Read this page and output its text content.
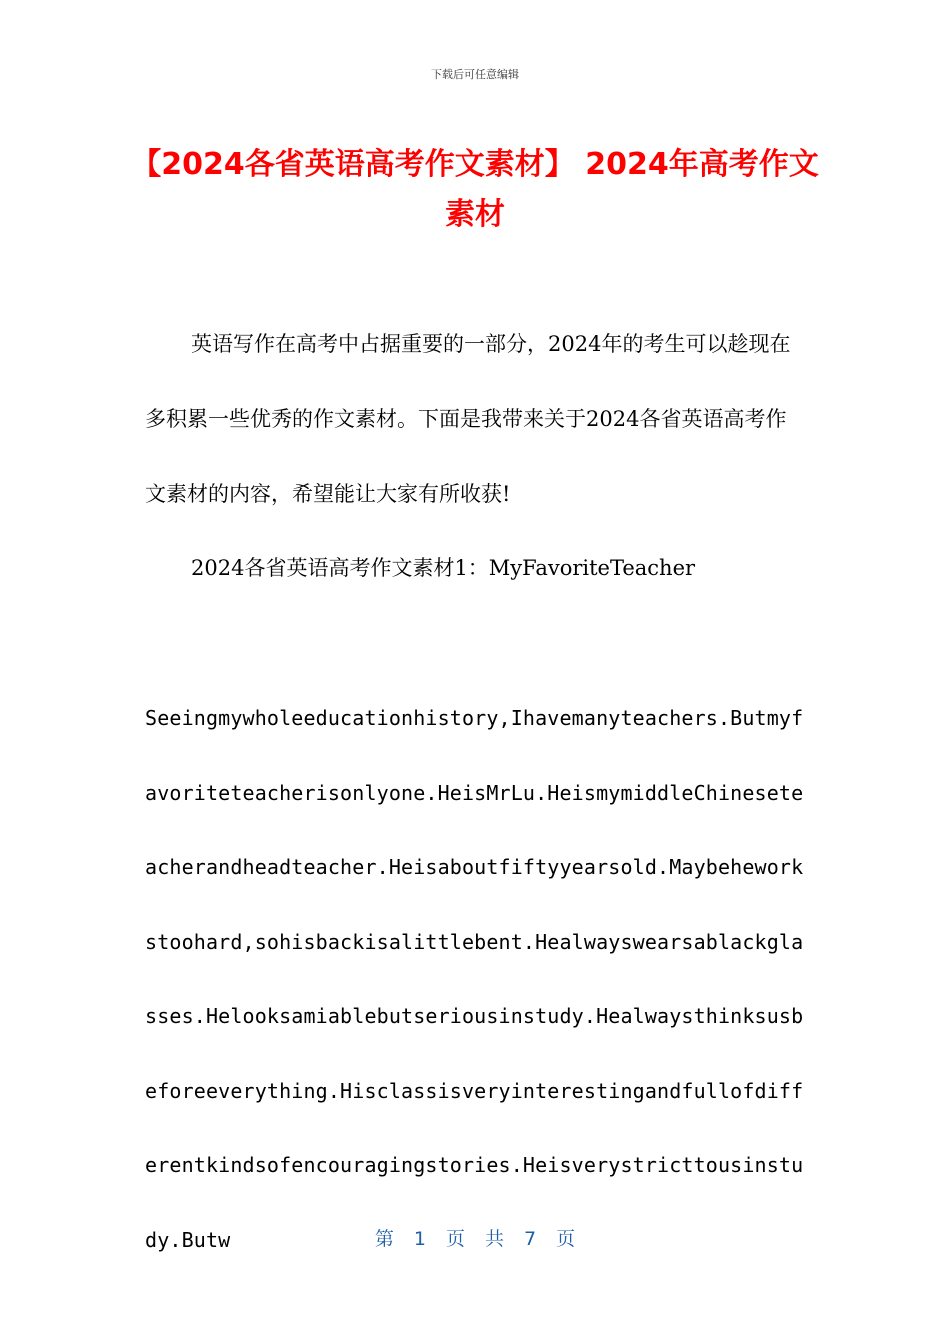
下载后可任意编辑
【2024各省英语高考作文素材】 2024年高考作文素材

英语写作在高考中占据重要的一部分，2024年的考生可以趁现在多积累一些优秀的作文素材。下面是我带来关于2024各省英语高考作文素材的内容，希望能让大家有所收获!

2024各省英语高考作文素材1：MyFavoriteTeacher

Seeingmywholeeducationhistory,Ihavemanyteachers.Butmyfavoriteteacherisonlyone.HeisMrLu.HeismymiddleChineseteacherandheadteacher.Heisaboutfiftyyearsold.Maybeheworkstoohard,sohisbackisalittlebent.Healwayswearsablackglasses.Helooksamiablebutseriousinstudy.Healwaysthinksusbeforeeverything.Hisclassisveryinterestingandfullofdifferentkindsofencouragingstories.Heisverystricttousinstudy.Butw	第 1 页 共 7 页
